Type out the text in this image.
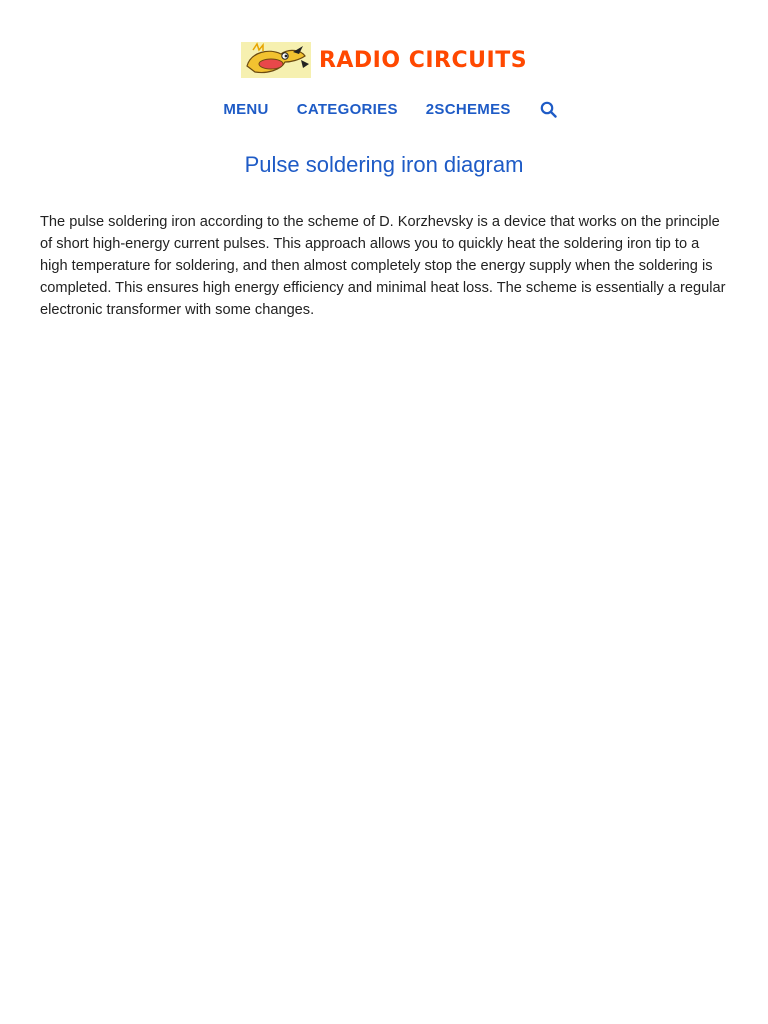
RADIO CIRCUITS
MENU CATEGORIES 2SCHEMES
Pulse soldering iron diagram

The pulse soldering iron according to the scheme of D. Korzhevsky is a device that works on the principle of short high-energy current pulses. This approach allows you to quickly heat the soldering iron tip to a high temperature for soldering, and then almost completely stop the energy supply when the soldering is completed. This ensures high energy efficiency and minimal heat loss. The scheme is essentially a regular electronic transformer with some changes.
